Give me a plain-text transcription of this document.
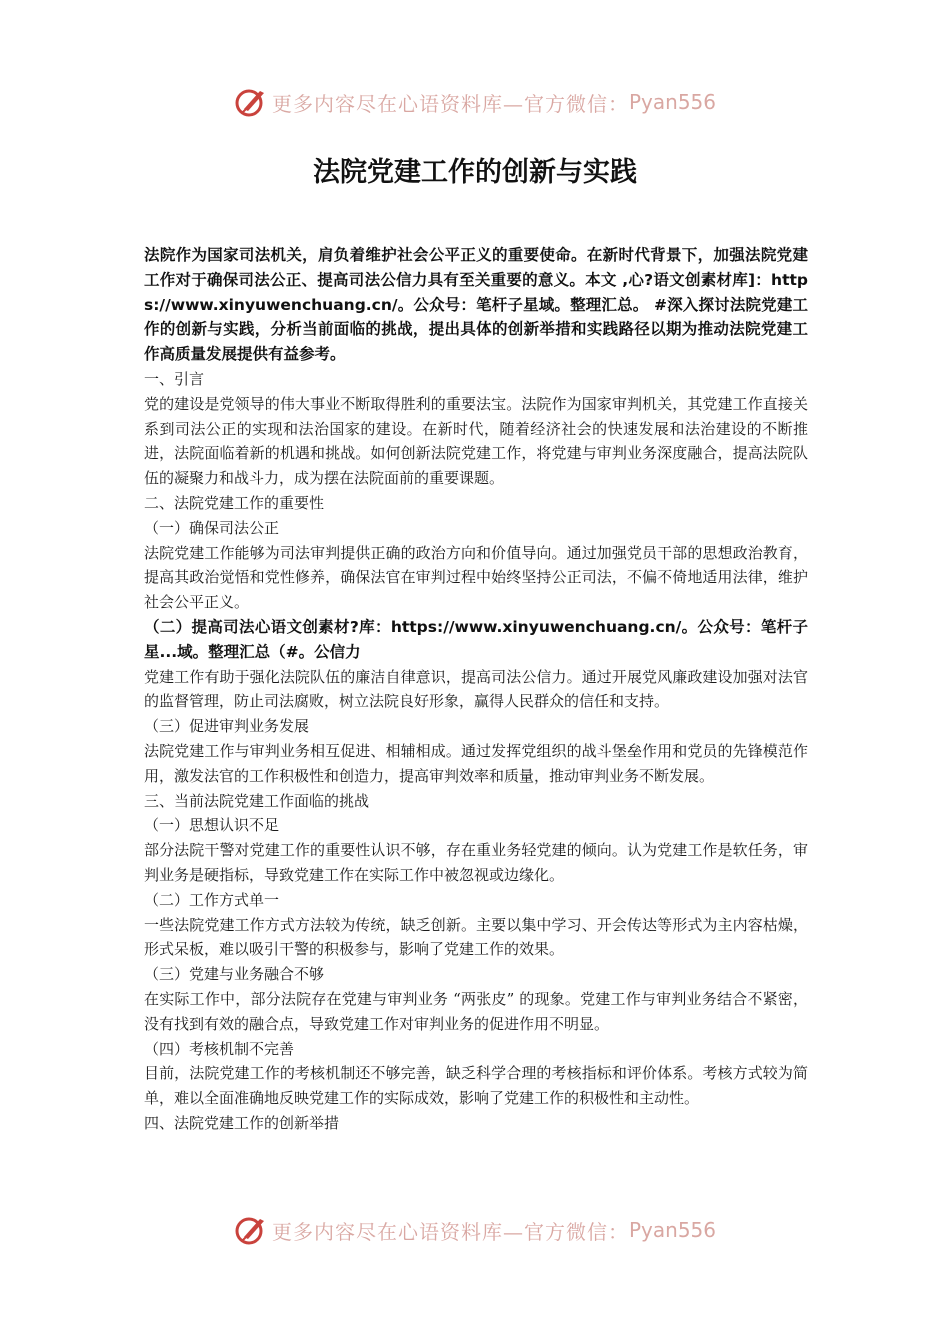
更多内容尽在心语资料库—官方微信： Pyan556
法院党建工作的创新与实践

法院作为国家司法机关，肩负着维护社会公平正义的重要使命。在新时代背景下，加强法院党建工作对于确保司法公正、提高司法公信力具有至关重要的意义。本文 ,心?语文创素材库]：https://www.xinyuwenchuang.cn/。公众号：笔杆子星域。整理汇总。 #深入探讨法院党建工作的创新与实践，分析当前面临的挑战，提出具体的创新举措和实践路径以期为推动法院党建工作高质量发展提供有益参考。

一、引言

党的建设是党领导的伟大事业不断取得胜利的重要法宝。法院作为国家审判机关，其党建工作直接关系到司法公正的实现和法治国家的建设。在新时代，随着经济社会的快速发展和法治建设的不断推进，法院面临着新的机遇和挑战。如何创新法院党建工作，将党建与审判业务深度融合，提高法院队伍的凝聚力和战斗力，成为摆在法院面前的重要课题。

二、法院党建工作的重要性

（一）确保司法公正

法院党建工作能够为司法审判提供正确的政治方向和价值导向。通过加强党员干部的思想政治教育，提高其政治觉悟和党性修养，确保法官在审判过程中始终坚持公正司法，不偏不倚地适用法律，维护社会公平正义。

（二）提高司法心语文创素材?库：https://www.xinyuwenchuang.cn/。公众号：笔杆子星...域。整理汇总（#。公信力

党建工作有助于强化法院队伍的廉洁自律意识，提高司法公信力。通过开展党风廉政建设加强对法官的监督管理，防止司法腐败，树立法院良好形象，赢得人民群众的信任和支持。

（三）促进审判业务发展

法院党建工作与审判业务相互促进、相辅相成。通过发挥党组织的战斗堡垒作用和党员的先锋模范作用，激发法官的工作积极性和创造力，提高审判效率和质量，推动审判业务不断发展。

三、当前法院党建工作面临的挑战

（一）思想认识不足

部分法院干警对党建工作的重要性认识不够，存在重业务轻党建的倾向。认为党建工作是软任务，审判业务是硬指标，导致党建工作在实际工作中被忽视或边缘化。

（二）工作方式单一

一些法院党建工作方式方法较为传统，缺乏创新。主要以集中学习、开会传达等形式为主内容枯燥，形式呆板，难以吸引干警的积极参与，影响了党建工作的效果。

（三）党建与业务融合不够

在实际工作中，部分法院存在党建与审判业务 “两张皮” 的现象。党建工作与审判业务结合不紧密，没有找到有效的融合点，导致党建工作对审判业务的促进作用不明显。

（四）考核机制不完善

目前，法院党建工作的考核机制还不够完善，缺乏科学合理的考核指标和评价体系。考核方式较为简单，难以全面准确地反映党建工作的实际成效，影响了党建工作的积极性和主动性。

四、法院党建工作的创新举措

更多内容尽在心语资料库—官方微信： Pyan556
